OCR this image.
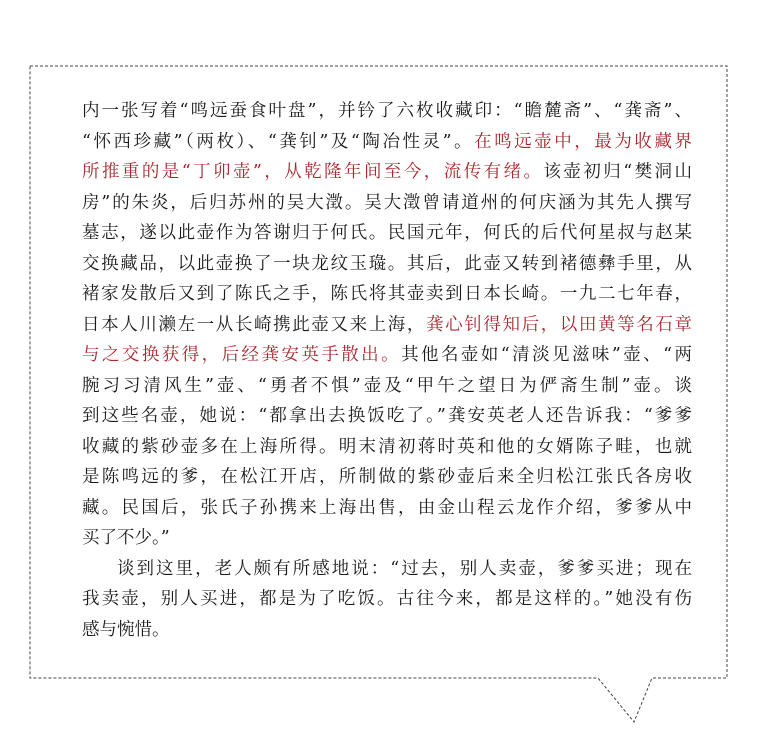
内一张写着“鸣远蚕食叶盘”，并钤了六枚收藏印：“瞻麓斋”、“龚斋”、
“怀西珍藏”（两枚）、“龚钊”及“陶冶性灵”。在鸣远壶中，最为收藏界
所推重的是“丁卯壶”，从乾隆年间至今，流传有绪。该壶初归“樊洞山
房”的朱炎，后归苏州的吴大澂。吴大澂曾请道州的何庆涵为其先人撰写
墓志，遂以此壶作为答谢归于何氏。民国元年，何氏的后代何星叔与赵某
交换藏品，以此壶换了一块龙纹玉璏。其后，此壶又转到褚德彝手里，从
褚家发散后又到了陈氏之手，陈氏将其壶卖到日本长崎。一九二七年春，
日本人川濑左一从长崎携此壶又来上海，龚心钊得知后，以田黄等名石章
与之交换获得，后经龚安英手散出。其他名壶如“清淡见滋味”壶、“两
腕习习清风生”壶、“勇者不惧”壶及“甲午之望日为俨斋生制”壶。谈
到这些名壶，她说：“都拿出去换饭吃了。”龚安英老人还告诉我：“爹爹
收藏的紫砂壶多在上海所得。明末清初蒋时英和他的女婿陈子畦，也就
是陈鸣远的爹，在松江开店，所制做的紫砂壶后来全归松江张氏各房收
藏。民国后，张氏子孙携来上海出售，由金山程云龙作介绍，爹爹从中
买了不少。”
谈到这里，老人颇有所感地说：“过去，别人卖壶，爹爹买进；现在
我卖壶，别人买进，都是为了吃饭。古往今来，都是这样的。”她没有伤
感与惋惜。
